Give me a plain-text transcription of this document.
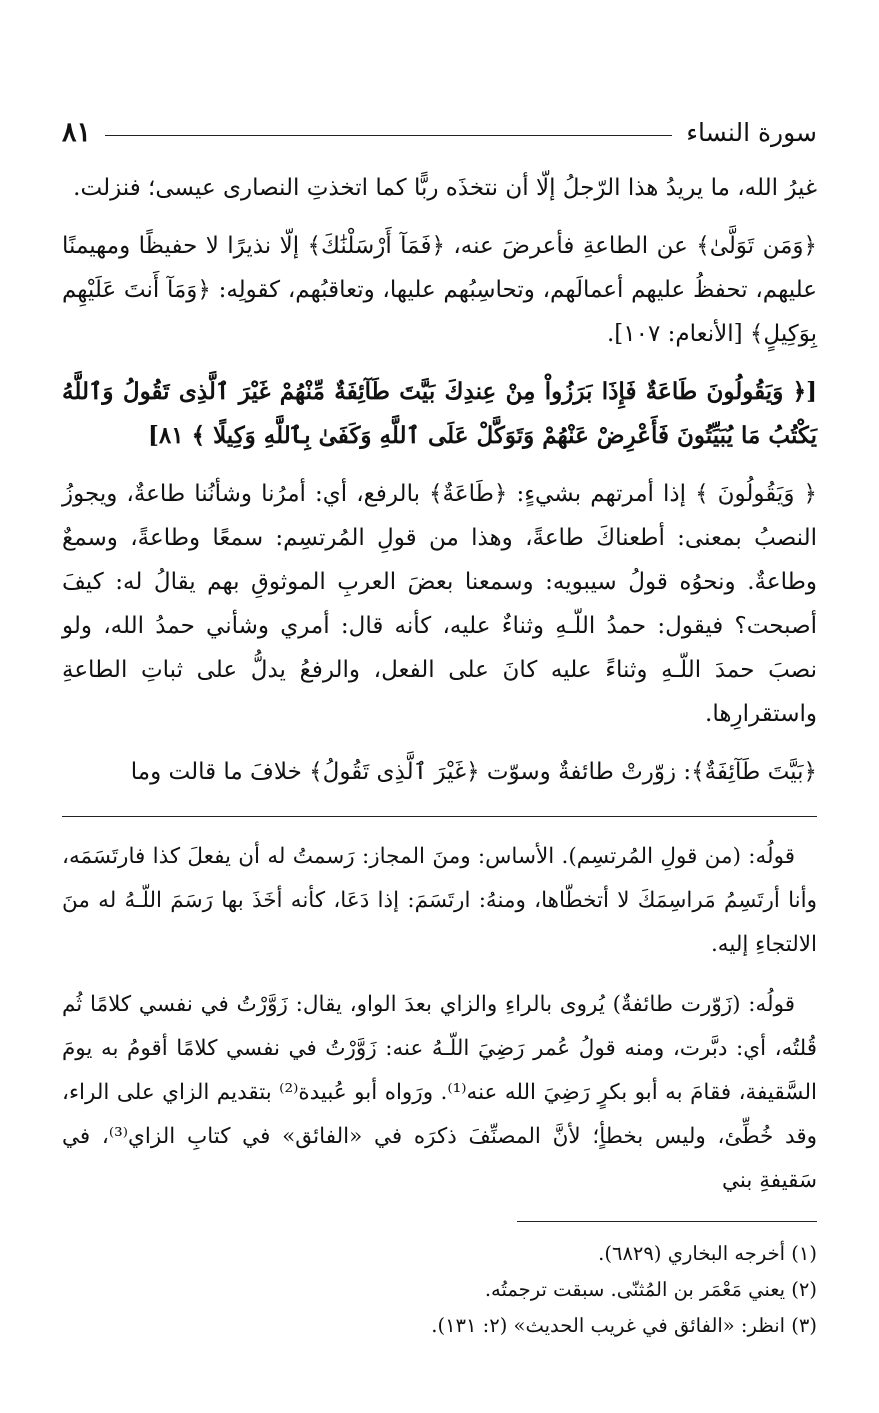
سورة النساء
٨١

غيرُ الله، ما يريدُ هذا الرّجلُ إلّا أن نتخذَه ربًّا كما اتخذتِ النصارى عيسى؛ فنزلت.

﴿وَمَن تَوَلَّىٰ﴾ عن الطاعةِ فأعرضَ عنه، ﴿فَمَآ أَرْسَلْنَٰكَ﴾ إلّا نذيرًا لا حفيظًا ومهيمنًا عليهم، تحفظُ عليهم أعمالَهم، وتحاسِبُهم عليها، وتعاقبُهم، كقولِه: ﴿وَمَآ أَنتَ عَلَيْهِم بِوَكِيلٍ﴾ [الأنعام: ١٠٧].

[﴿ وَيَقُولُونَ طَاعَةٌ فَإِذَا بَرَزُواْ مِنْ عِندِكَ بَيَّتَ طَآئِفَةٌ مِّنْهُمْ غَيْرَ ٱلَّذِى تَقُولُ وَٱللَّهُ يَكْتُبُ مَا يُبَيِّتُونَ فَأَعْرِضْ عَنْهُمْ وَتَوَكَّلْ عَلَى ٱللَّهِ وَكَفَىٰ بِٱللَّهِ وَكِيلًا ﴾ ٨١]

﴿ وَيَقُولُونَ ﴾ إذا أمرتهم بشيءٍ: ﴿طَاعَةٌ﴾ بالرفع، أي: أمرُنا وشأنُنا طاعةٌ، ويجوزُ النصبُ بمعنى: أطعناكَ طاعةً، وهذا من قولِ المُرتسِم: سمعًا وطاعةً، وسمعٌ وطاعةٌ. ونحوُه قولُ سيبويه: وسمعنا بعضَ العربِ الموثوقِ بهم يقالُ له: كيفَ أصبحت؟ فيقول: حمدُ اللّـهِ وثناءٌ عليه، كأنه قال: أمري وشأني حمدُ الله، ولو نصبَ حمدَ اللّـهِ وثناءً عليه كانَ على الفعل، والرفعُ يدلُّ على ثباتِ الطاعةِ واستقرارِها.

﴿بَيَّتَ طَآئِفَةٌ﴾: زوّرتْ طائفةٌ وسوّت ﴿غَيْرَ ٱلَّذِى تَقُولُ﴾ خلافَ ما قالت وما

قولُه: (من قولِ المُرتسِم). الأساس: ومنَ المجاز: رَسمتُ له أن يفعلَ كذا فارتَسَمَه، وأنا أرتَسِمُ مَراسِمَكَ لا أتخطّاها، ومنهُ: ارتَسَمَ: إذا دَعَا، كأنه أخَذَ بها رَسَمَ اللّـهُ له منَ الالتجاءِ إليه.

قولُه: (زَوّرت طائفةٌ) يُروى بالراءِ والزاي بعدَ الواو، يقال: زَوَّرْتُ في نفسي كلامًا ثُم قُلتُه، أي: دبَّرت، ومنه قولُ عُمر رَضِيَ اللّـهُ عنه: زَوَّرْتُ في نفسي كلامًا أقومُ به يومَ السَّقيفة، فقامَ به أبو بكرٍ رَضِيَ الله عنه⁽¹⁾. ورَواه أبو عُبيدة⁽²⁾ بتقديم الزاي على الراء، وقد خُطِّئ، وليس بخطأٍ؛ لأنَّ المصنِّفَ ذكرَه في «الفائق» في كتابِ الزاي⁽³⁾، في سَقيفةِ بني

(١) أخرجه البخاري (٦٨٢٩).

(٢) يعني مَعْمَر بن المُثنّى. سبقت ترجمتُه.

(٣) انظر: «الفائق في غريب الحديث» (٢: ١٣١).
